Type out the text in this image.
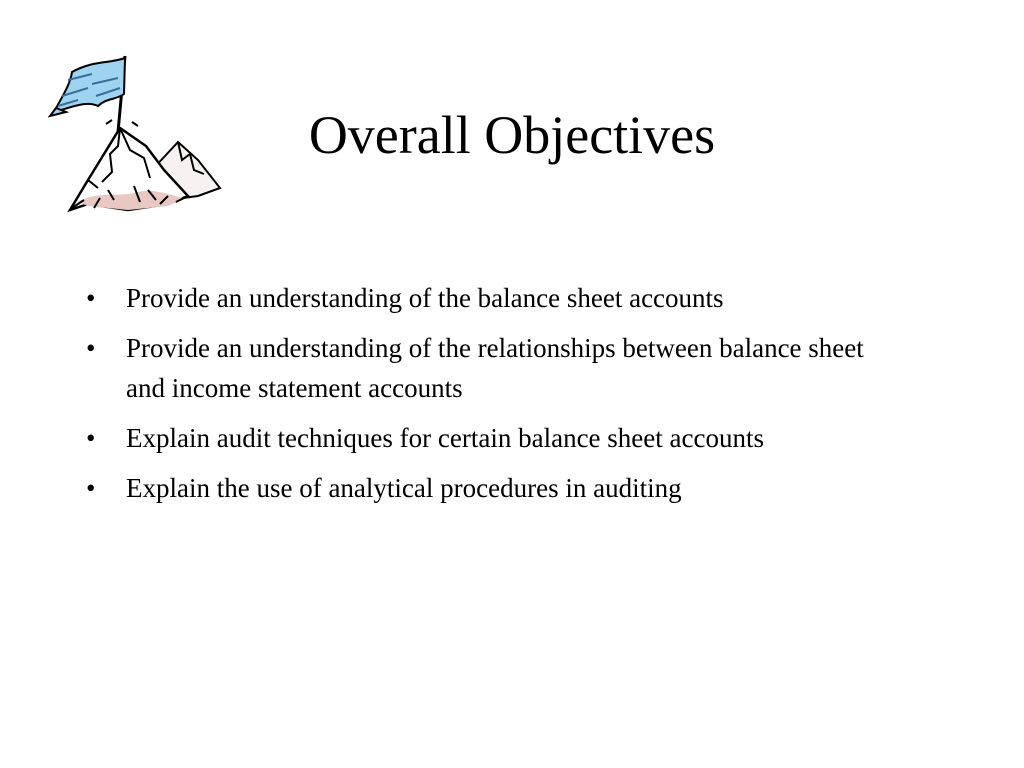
Overall Objectives
•	Provide an understanding of the balance sheet accounts
•	Provide an understanding of the relationships between balance sheet and income statement accounts
•	Explain audit techniques for certain balance sheet accounts
•	Explain the use of analytical procedures in auditing
